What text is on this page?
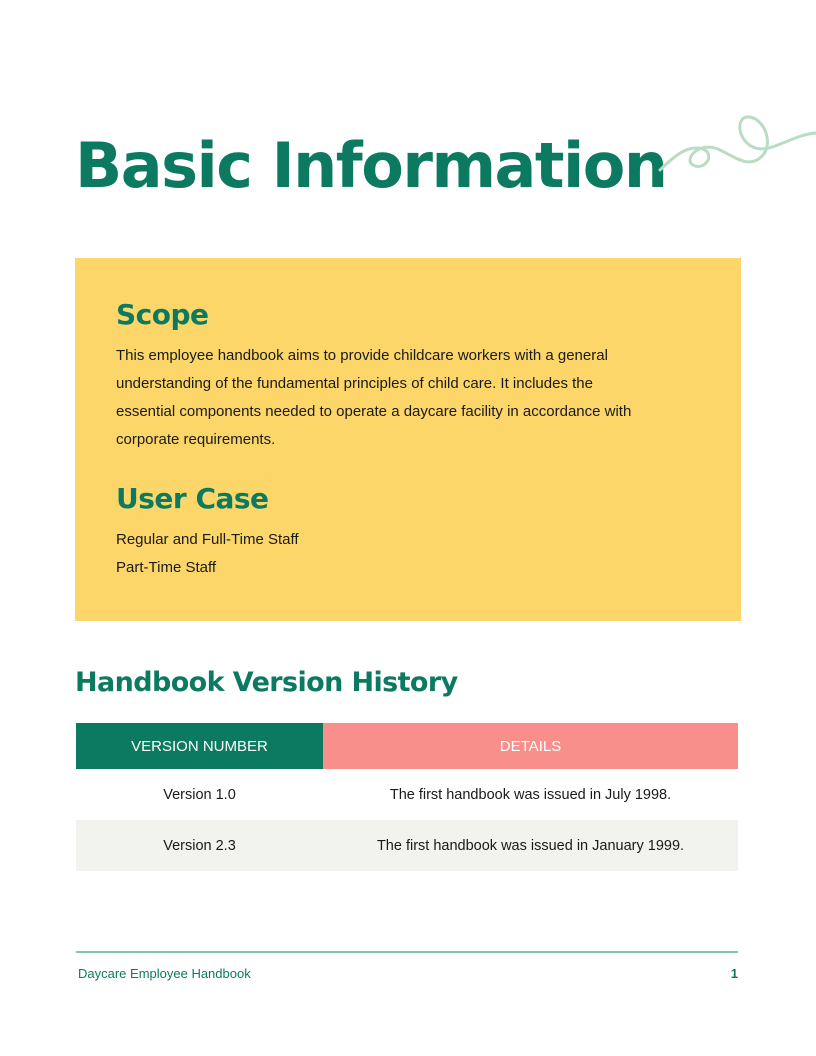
Basic Information
Scope

This employee handbook aims to provide childcare workers with a general understanding of the fundamental principles of child care. It includes the essential components needed to operate a daycare facility in accordance with corporate requirements.

User Case
Regular and Full-Time Staff
Part-Time Staff
Handbook Version History
VERSION NUMBER	DETAILS
Version 1.0	The first handbook was issued in July 1998.
Version 2.3	The first handbook was issued in January 1999.
Daycare Employee Handbook	1
